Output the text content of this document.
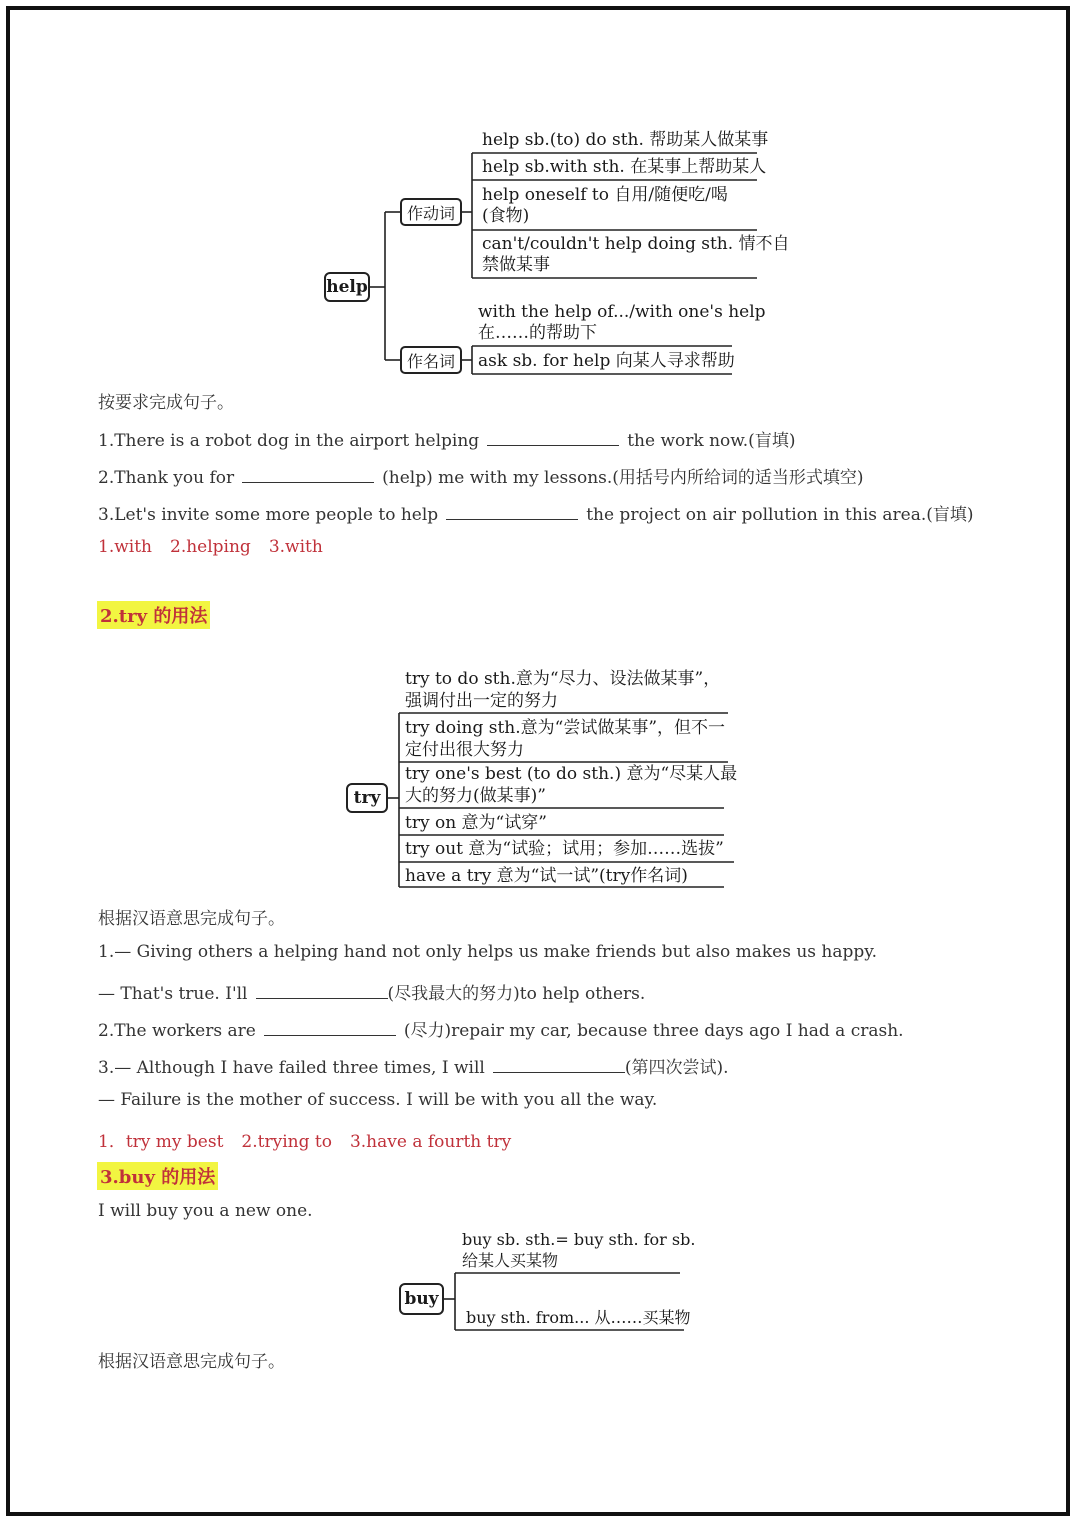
help
作动词
作名词
help sb.(to) do sth. 帮助某人做某事
help sb.with sth. 在某事上帮助某人
help oneself to 自用/随便吃/喝
(食物)
can't/couldn't help doing sth. 情不自
禁做某事
with the help of.../with one's help
在……的帮助下
ask sb. for help 向某人寻求帮助
按要求完成句子。
1.There is a robot dog in the airport helping	the work now.(盲填)
2.Thank you for	(help) me with my lessons.(用括号内所给词的适当形式填空)
3.Let's invite some more people to help	the project on air pollution in this area.(盲填)
1.with 2.helping 3.with
2.try 的用法
try
try to do sth.意为“尽力、设法做某事”，
强调付出一定的努力
try doing sth.意为“尝试做某事”，但不一
定付出很大努力
try one's best (to do sth.) 意为“尽某人最
大的努力(做某事)”
try on 意为“试穿”
try out 意为“试验；试用；参加……选拔”
have a try 意为“试一试”(try作名词)
根据汉语意思完成句子。
1.— Giving others a helping hand not only helps us make friends but also makes us happy.
— That's true. I'll	(尽我最大的努力)to help others.
2.The workers are	(尽力)repair my car, because three days ago I had a crash.
3.— Although I have failed three times, I will	(第四次尝试).
— Failure is the mother of success. I will be with you all the way.
1．try my best 2.trying to 3.have a fourth try
3.buy 的用法
I will buy you a new one.
buy
buy sb. sth.= buy sth. for sb.
给某人买某物
buy sth. from... 从……买某物
根据汉语意思完成句子。
